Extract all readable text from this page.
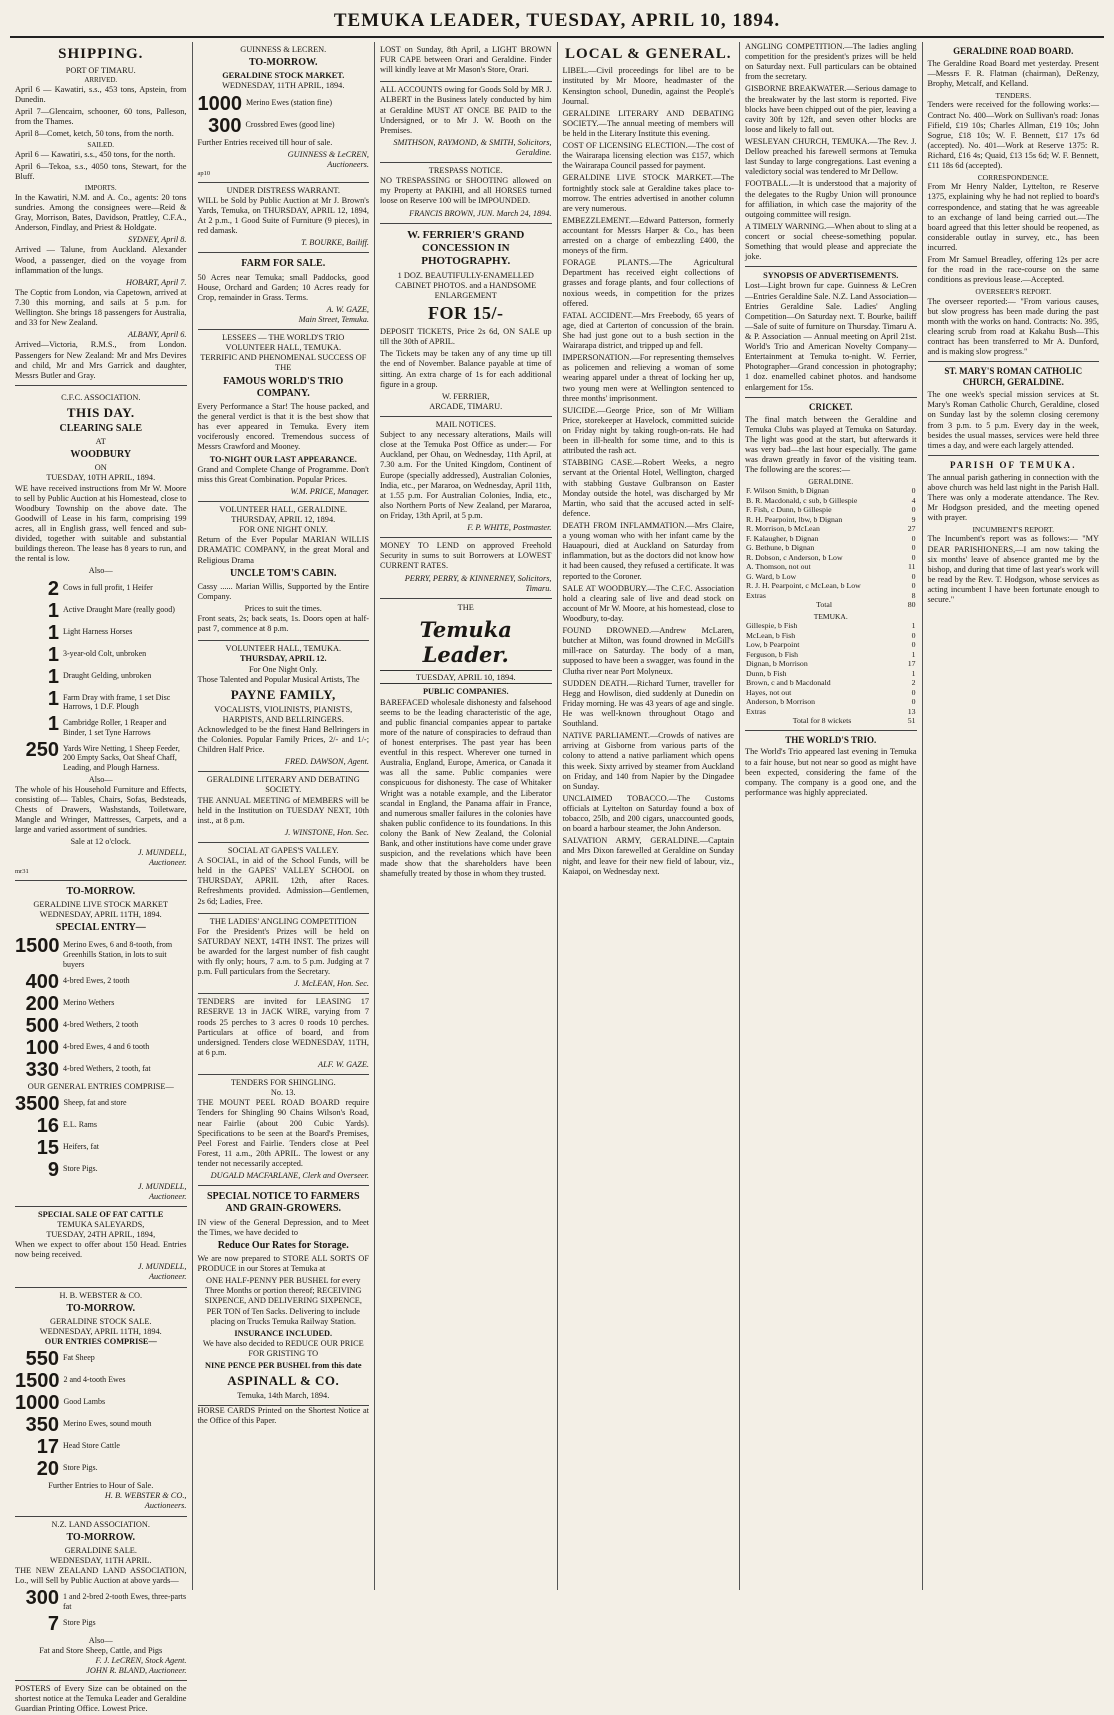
TEMUKA LEADER, TUESDAY, APRIL 10, 1894.
SHIPPING.
PORT OF TIMARU.
ARRIVED.

April 6 — Kawatiri, s.s., 453 tons, Apstein, from Dunedin.

April 7—Glencairn, schooner, 60 tons, Palleson, from the Thames.

April 8—Comet, ketch, 50 tons, from the north.

SAILED.

April 6 — Kawatiri, s.s., 450 tons, for the north.

April 6—Tekoa, s.s., 4050 tons, Stewart, for the Bluff.

IMPORTS.

In the Kawatiri, N.M. and A. Co., agents: 20 tons sundries. Among the consignees were—Reid & Gray, Morrison, Bates, Davidson, Prattley, C.F.A., Anderson, Findlay, and Priest & Holdgate.

SYDNEY, April 8.

Arrived — Talune, from Auckland. Alexander Wood, a passenger, died on the voyage from inflammation of the lungs.

HOBART, April 7.

The Coptic from London, via Capetown, arrived at 7.30 this morning, and sails at 5 p.m. for Wellington. She brings 18 passengers for Australia, and 33 for New Zealand.

ALBANY, April 6.

Arrived—Victoria, R.M.S., from London. Passengers for New Zealand: Mr and Mrs Devires and child, Mr and Mrs Garrick and daughter, Messrs Butler and Gray.

C.F.C. ASSOCIATION.
THIS DAY.
CLEARING SALE
AT
WOODBURY
ON
TUESDAY, 10TH APRIL, 1894.

WE have received instructions from Mr W. Moore to sell by Public Auction at his Homestead, close to Woodbury Township on the above date. The Goodwill of Lease in his farm, comprising 199 acres, all in English grass, well fenced and sub-divided, together with suitable and substantial buildings thereon. The lease has 8 years to run, and the rental is low.

Also—
2 Cows in full profit, 1 Heifer
1 Active Draught Mare (really good)
1 Light Harness Horses
1 3-year-old Colt, unbroken
1 Draught Gelding, unbroken
1 Farm Dray with frame, 1 set Disc Harrows, 1 D.F. Plough
1 Cambridge Roller, 1 Reaper and Binder, 1 set Tyne Harrows
250 Yards Wire Netting, 1 Sheep Feeder, 200 Empty Sacks, Oat Sheaf Chaff, Leading, and Plough Harness.
Also—

The whole of his Household Furniture and Effects, consisting of— Tables, Chairs, Sofas, Bedsteads, Chests of Drawers, Washstands, Toiletware, Mangle and Wringer, Mattresses, Carpets, and a large and varied assortment of sundries.

Sale at 12 o'clock.
J. MUNDELL,
Auctioneer.
mr31
TO-MORROW.
GERALDINE LIVE STOCK MARKET
WEDNESDAY, APRIL 11TH, 1894.
SPECIAL ENTRY—
1500 Merino Ewes, 6 and 8-tooth, from Greenhills Station, in lots to suit buyers
400 4-bred Ewes, 2 tooth
200 Merino Wethers
500 4-bred Wethers, 2 tooth
100 4-bred Ewes, 4 and 6 tooth
330 4-bred Wethers, 2 tooth, fat
OUR GENERAL ENTRIES COMPRISE—
3500 Sheep, fat and store
16 E.L. Rams
15 Heifers, fat
9 Store Pigs.
J. MUNDELL,
Auctioneer.
SPECIAL SALE OF FAT CATTLE
TEMUKA SALEYARDS,
TUESDAY, 24TH APRIL, 1894,

When we expect to offer about 150 Head. Entries now being received.

J. MUNDELL,
Auctioneer.
H. B. WEBSTER & CO.
TO-MORROW.
GERALDINE STOCK SALE.
WEDNESDAY, APRIL 11TH, 1894.
OUR ENTRIES COMPRISE—
550 Fat Sheep
1500 2 and 4-tooth Ewes
1000 Good Lambs
350 Merino Ewes, sound mouth
17 Head Store Cattle
20 Store Pigs.
Further Entries to Hour of Sale.
H. B. WEBSTER & CO.,
Auctioneers.
N.Z. LAND ASSOCIATION.
TO-MORROW.
GERALDINE SALE.
WEDNESDAY, 11TH APRIL.

THE NEW ZEALAND LAND ASSOCIATION, Lo., will Sell by Public Auction at above yards—

300 1 and 2-bred 2-tooth Ewes, three-parts fat
7 Store Pigs
Also—
Fat and Store Sheep, Cattle, and Pigs
F. J. LeCREN, Stock Agent.
JOHN R. BLAND, Auctioneer.

POSTERS of Every Size can be obtained on the shortest notice at the Temuka Leader and Geraldine Guardian Printing Office. Lowest Price.

GUINNESS & LECREN.
TO-MORROW.
GERALDINE STOCK MARKET.
WEDNESDAY, 11TH APRIL, 1894.
1000 Merino Ewes (station fine)
300 Crossbred Ewes (good line)

Further Entries received till hour of sale.

GUINNESS & LeCREN,
Auctioneers.
ap10
UNDER DISTRESS WARRANT.

WILL be Sold by Public Auction at Mr J. Brown's Yards, Temuka, on THURSDAY, APRIL 12, 1894, At 2 p.m., 1 Good Suite of Furniture (9 pieces), in red damask.

T. BOURKE, Bailiff.
FARM FOR SALE.

50 Acres near Temuka; small Paddocks, good House, Orchard and Garden; 10 Acres ready for Crop, remainder in Grass. Terms.

A. W. GAZE,
Main Street, Temuka.
LESSEES — THE WORLD'S TRIO
VOLUNTEER HALL, TEMUKA.
TERRIFIC AND PHENOMENAL SUCCESS OF THE
FAMOUS WORLD'S TRIO COMPANY.

Every Performance a Star! The house packed, and the general verdict is that it is the best show that has ever appeared in Temuka. Every item vociferously encored. Tremendous success of Messrs Crawford and Mooney.

TO-NIGHT OUR LAST APPEARANCE.

Grand and Complete Change of Programme. Don't miss this Great Combination. Popular Prices.

W.M. PRICE, Manager.
VOLUNTEER HALL, GERALDINE.
THURSDAY, APRIL 12, 1894.
FOR ONE NIGHT ONLY.

Return of the Ever Popular MARIAN WILLIS DRAMATIC COMPANY, in the great Moral and Religious Drama

UNCLE TOM'S CABIN.

Cassy ...... Marian Willis, Supported by the Entire Company.

Prices to suit the times.

Front seats, 2s; back seats, 1s. Doors open at half-past 7, commence at 8 p.m.

VOLUNTEER HALL, TEMUKA.
THURSDAY, APRIL 12.
For One Night Only.

Those Talented and Popular Musical Artists, The

PAYNE FAMILY,
VOCALISTS, VIOLINISTS, PIANISTS, HARPISTS, AND BELLRINGERS.

Acknowledged to be the finest Hand Bellringers in the Colonies. Popular Family Prices, 2/- and 1/-; Children Half Price.

FRED. DAWSON, Agent.
GERALDINE LITERARY AND DEBATING SOCIETY.

THE ANNUAL MEETING of MEMBERS will be held in the Institution on TUESDAY NEXT, 10th inst., at 8 p.m.

J. WINSTONE, Hon. Sec.
SOCIAL AT GAPES'S VALLEY.

A SOCIAL, in aid of the School Funds, will be held in the GAPES' VALLEY SCHOOL on THURSDAY, APRIL 12th, after Races. Refreshments provided. Admission—Gentlemen, 2s 6d; Ladies, Free.

THE LADIES' ANGLING COMPETITION

For the President's Prizes will be held on SATURDAY NEXT, 14TH INST. The prizes will be awarded for the largest number of fish caught with fly only; hours, 7 a.m. to 5 p.m. Judging at 7 p.m. Full particulars from the Secretary.

J. McLEAN, Hon. Sec.

TENDERS are invited for LEASING 17 RESERVE 13 in JACK WIRE, varying from 7 roods 25 perches to 3 acres 0 roods 10 perches. Particulars at office of board, and from undersigned. Tenders close WEDNESDAY, 11TH, at 6 p.m.

ALF. W. GAZE.
TENDERS FOR SHINGLING.
No. 13.

THE MOUNT PEEL ROAD BOARD require Tenders for Shingling 90 Chains Wilson's Road, near Fairlie (about 200 Cubic Yards). Specifications to be seen at the Board's Premises, Peel Forest and Fairlie. Tenders close at Peel Forest, 11 a.m., 20th APRIL. The lowest or any tender not necessarily accepted.

DUGALD MACFARLANE, Clerk and Overseer.
SPECIAL NOTICE TO FARMERS AND GRAIN-GROWERS.

IN view of the General Depression, and to Meet the Times, we have decided to

Reduce Our Rates for Storage.

We are now prepared to STORE ALL SORTS OF PRODUCE in our Stores at Temuka at

ONE HALF-PENNY PER BUSHEL for every Three Months or portion thereof; RECEIVING SIXPENCE, AND DELIVERING SIXPENCE, PER TON of Ten Sacks. Delivering to include placing on Trucks Temuka Railway Station.

INSURANCE INCLUDED.

We have also decided to REDUCE OUR PRICE FOR GRISTING TO

NINE PENCE PER BUSHEL from this date
ASPINALL & CO.
Temuka, 14th March, 1894.

HORSE CARDS Printed on the Shortest Notice at the Office of this Paper.

LOST on Sunday, 8th April, a LIGHT BROWN FUR CAPE between Orari and Geraldine. Finder will kindly leave at Mr Mason's Store, Orari.

ALL ACCOUNTS owing for Goods Sold by MR J. ALBERT in the Business lately conducted by him at Geraldine MUST AT ONCE BE PAID to the Undersigned, or to Mr J. W. Booth on the Premises.

SMITHSON, RAYMOND, & SMITH, Solicitors, Geraldine.
TRESPASS NOTICE.

NO TRESPASSING or SHOOTING allowed on my Property at PAKIHI, and all HORSES turned loose on Reserve 100 will be IMPOUNDED.

FRANCIS BROWN, JUN. March 24, 1894.
W. FERRIER'S GRAND CONCESSION IN PHOTOGRAPHY.

1 DOZ. BEAUTIFULLY-ENAMELLED CABINET PHOTOS. and a HANDSOME ENLARGEMENT

FOR 15/-

DEPOSIT TICKETS, Price 2s 6d, ON SALE up till the 30th of APRIL.

The Tickets may be taken any of any time up till the end of November. Balance payable at time of sitting. An extra charge of 1s for each additional figure in a group.

W. FERRIER,
ARCADE, TIMARU.
MAIL NOTICES.

Subject to any necessary alterations, Mails will close at the Temuka Post Office as under:— For Auckland, per Ohau, on Wednesday, 11th April, at 7.30 a.m. For the United Kingdom, Continent of Europe (specially addressed), Australian Colonies, India, etc., per Mararoa, on Wednesday, April 11th, at 1.55 p.m. For Australian Colonies, India, etc., also Northern Ports of New Zealand, per Mararoa, on Friday, 13th April, at 5 p.m.

F. P. WHITE, Postmaster.

MONEY TO LEND on approved Freehold Security in sums to suit Borrowers at LOWEST CURRENT RATES.

PERRY, PERRY, & KINNERNEY, Solicitors, Timaru.
THE
Temuka Leader.
TUESDAY, APRIL 10, 1894.
PUBLIC COMPANIES.

BAREFACED wholesale dishonesty and falsehood seems to be the leading characteristic of the age, and public financial companies appear to partake more of the nature of conspiracies to defraud than of honest enterprises. The past year has been eventful in this respect. Wherever one turned in Australia, England, Europe, America, or Canada it was all the same. Public companies were conspicuous for dishonesty. The case of Whitaker Wright was a notable example, and the Liberator scandal in England, the Panama affair in France, and numerous smaller failures in the colonies have shaken public confidence to its foundations. In this colony the Bank of New Zealand, the Colonial Bank, and other institutions have come under grave suspicion, and the revelations which have been made show that the shareholders have been shamefully treated by those in whom they trusted.

LOCAL & GENERAL.

LIBEL.—Civil proceedings for libel are to be instituted by Mr Moore, headmaster of the Kensington school, Dunedin, against the People's Journal.

GERALDINE LITERARY AND DEBATING SOCIETY.—The annual meeting of members will be held in the Literary Institute this evening.

COST OF LICENSING ELECTION.—The cost of the Wairarapa licensing election was £157, which the Wairarapa Council passed for payment.

GERALDINE LIVE STOCK MARKET.—The fortnightly stock sale at Geraldine takes place to-morrow. The entries advertised in another column are very numerous.

EMBEZZLEMENT.—Edward Patterson, formerly accountant for Messrs Harper & Co., has been arrested on a charge of embezzling £400, the moneys of the firm.

FORAGE PLANTS.—The Agricultural Department has received eight collections of grasses and forage plants, and four collections of noxious weeds, in competition for the prizes offered.

FATAL ACCIDENT.—Mrs Freebody, 65 years of age, died at Carterton of concussion of the brain. She had just gone out to a bush section in the Wairarapa district, and tripped up and fell.

IMPERSONATION.—For representing themselves as policemen and relieving a woman of some wearing apparel under a threat of locking her up, two young men were at Wellington sentenced to three months' imprisonment.

SUICIDE.—George Price, son of Mr William Price, storekeeper at Havelock, committed suicide on Friday night by taking rough-on-rats. He had been in ill-health for some time, and to this is attributed the rash act.

STABBING CASE.—Robert Weeks, a negro servant at the Oriental Hotel, Wellington, charged with stabbing Gustave Gulbranson on Easter Monday outside the hotel, was discharged by Mr Martin, who said that the accused acted in self-defence.

DEATH FROM INFLAMMATION.—Mrs Claire, a young woman who with her infant came by the Hauapouri, died at Auckland on Saturday from inflammation, but as the doctors did not know how it had been caused, they refused a certificate. It was reported to the Coroner.

SALE AT WOODBURY.—The C.F.C. Association hold a clearing sale of live and dead stock on account of Mr W. Moore, at his homestead, close to Woodbury, to-day.

FOUND DROWNED.—Andrew McLaren, butcher at Milton, was found drowned in McGill's mill-race on Saturday. The body of a man, supposed to have been a swagger, was found in the Clutha river near Port Molyneux.

SUDDEN DEATH.—Richard Turner, traveller for Hegg and Howlison, died suddenly at Dunedin on Friday morning. He was 43 years of age and single. He was well-known throughout Otago and Southland.

NATIVE PARLIAMENT.—Crowds of natives are arriving at Gisborne from various parts of the colony to attend a native parliament which opens this week. Sixty arrived by steamer from Auckland on Friday, and 140 from Napier by the Dingadee on Sunday.

UNCLAIMED TOBACCO.—The Customs officials at Lyttelton on Saturday found a box of tobacco, 25lb, and 200 cigars, unaccounted goods, on board a harbour steamer, the John Anderson.

SALVATION ARMY, GERALDINE.—Captain and Mrs Dixon farewelled at Geraldine on Sunday night, and leave for their new field of labour, viz., Kaiapoi, on Wednesday next.

ANGLING COMPETITION.—The ladies angling competition for the president's prizes will be held on Saturday next. Full particulars can be obtained from the secretary.

GISBORNE BREAKWATER.—Serious damage to the breakwater by the last storm is reported. Five blocks have been chipped out of the pier, leaving a cavity 30ft by 12ft, and seven other blocks are loose and likely to fall out.

WESLEYAN CHURCH, TEMUKA.—The Rev. J. Dellow preached his farewell sermons at Temuka last Sunday to large congregations. Last evening a valedictory social was tendered to Mr Dellow.

FOOTBALL.—It is understood that a majority of the delegates to the Rugby Union will pronounce for affiliation, in which case the majority of the outgoing committee will resign.

A TIMELY WARNING.—When about to sling at a concert or social cheese-something popular. Something that would please and appreciate the joke.

SYNOPSIS OF ADVERTISEMENTS.

Lost—Light brown fur cape. Guinness & LeCren—Entries Geraldine Sale. N.Z. Land Association—Entries Geraldine Sale. Ladies' Angling Competition—On Saturday next. T. Bourke, bailiff—Sale of suite of furniture on Thursday. Timaru A. & P. Association — Annual meeting on April 21st. World's Trio and American Novelty Company—Entertainment at Temuka to-night. W. Ferrier, Photographer—Grand concession in photography; 1 doz. enamelled cabinet photos. and handsome enlargement for 15s.

CRICKET.

The final match between the Geraldine and Temuka Clubs was played at Temuka on Saturday. The light was good at the start, but afterwards it was very bad—the last hour especially. The game was drawn greatly in favor of the visiting team. The following are the scores:—

GERALDINE.
F. Wilson Smith, b Dignan	0
B. R. Macdonald, c sub, b Gillespie	4
F. Fish, c Dunn, b Gillespie	0
R. H. Pearpoint, lbw, b Dignan	9
R. Morrison, b McLean	27
F. Kalaugher, b Dignan	0
G. Bethune, b Dignan	0
R. Dobson, c Anderson, b Low	0
A. Thomson, not out	11
G. Ward, b Low	0
R. J. H. Pearpoint, c McLean, b Low	0
Extras	8
Total	80
TEMUKA.
Gillespie, b Fish	1
McLean, b Fish	0
Low, b Pearpoint	0
Ferguson, b Fish	1
Dignan, b Morrison	17
Dunn, b Fish	1
Brown, c and b Macdonald	2
Hayes, not out	0
Anderson, b Morrison	0
Extras	13
Total for 8 wickets	51
THE WORLD'S TRIO.

The World's Trio appeared last evening in Temuka to a fair house, but not near so good as might have been expected, considering the fame of the company. The company is a good one, and the performance was highly appreciated.

GERALDINE ROAD BOARD.

The Geraldine Road Board met yesterday. Present—Messrs F. R. Flatman (chairman), DeRenzy, Brophy, Metcalf, and Kelland.

TENDERS.

Tenders were received for the following works:— Contract No. 400—Work on Sullivan's road: Jonas Fifield, £19 10s; Charles Allman, £19 10s; John Sogrue, £18 10s; W. F. Bennett, £17 17s 6d (accepted). No. 401—Work at Reserve 1375: R. Richard, £16 4s; Quaid, £13 15s 6d; W. F. Bennett, £11 18s 6d (accepted).

CORRESPONDENCE.

From Mr Henry Nalder, Lyttelton, re Reserve 1375, explaining why he had not replied to board's correspondence, and stating that he was agreeable to an exchange of land being carried out.—The board agreed that this letter should be reopened, as considerable outlay in survey, etc., has been incurred.

From Mr Samuel Breadley, offering 12s per acre for the road in the race-course on the same conditions as previous lease.—Accepted.

OVERSEER'S REPORT.

The overseer reported:— "From various causes, but slow progress has been made during the past month with the works on hand. Contracts: No. 395, clearing scrub from road at Kakahu Bush—This contract has been transferred to Mr A. Dunford, and is making slow progress."

ST. MARY'S ROMAN CATHOLIC CHURCH, GERALDINE.

The one week's special mission services at St. Mary's Roman Catholic Church, Geraldine, closed on Sunday last by the solemn closing ceremony from 3 p.m. to 5 p.m. Every day in the week, besides the usual masses, services were held three times a day, and were each largely attended.

PARISH OF TEMUKA.

The annual parish gathering in connection with the above church was held last night in the Parish Hall. There was only a moderate attendance. The Rev. Mr Hodgson presided, and the meeting opened with prayer.

INCUMBENT'S REPORT.

The Incumbent's report was as follows:— "MY DEAR PARISHIONERS,—I am now taking the six months' leave of absence granted me by the bishop, and during that time of last year's work will be read by the Rev. T. Hodgson, whose services as acting incumbent I have been fortunate enough to secure."
